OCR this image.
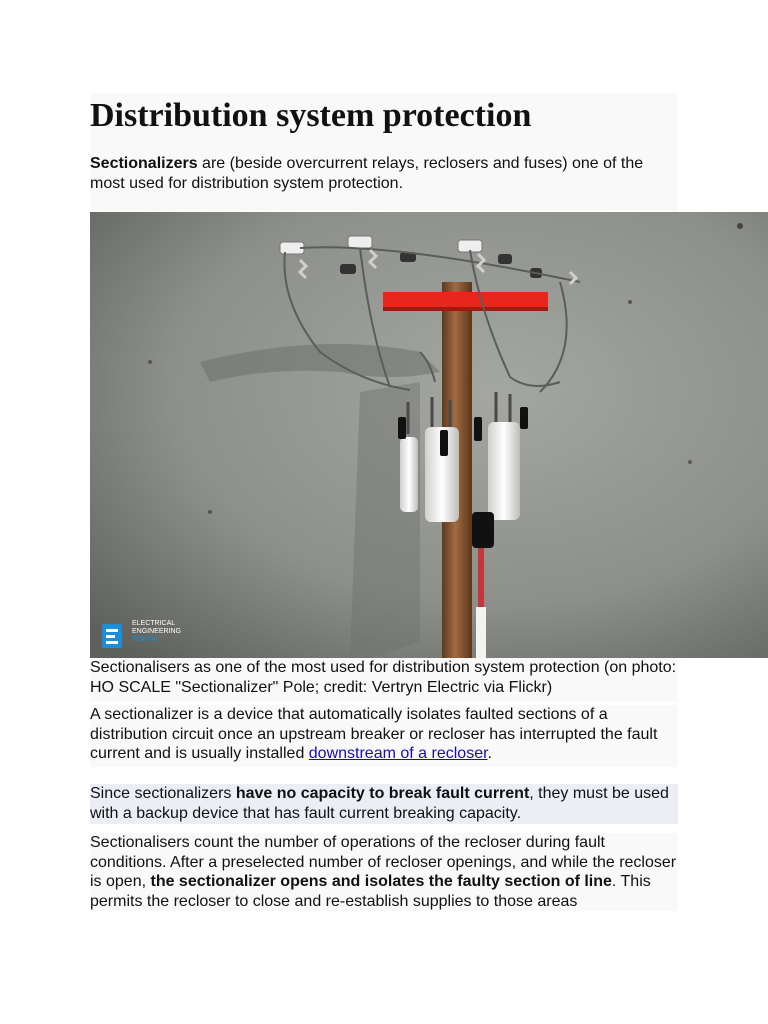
Distribution system protection

Sectionalizers are (beside overcurrent relays, reclosers and fuses) one of the most used for distribution system protection.

ELECTRICAL
ENGINEERING
PORTAL

Sectionalisers as one of the most used for distribution system protection (on photo: HO SCALE "Sectionalizer" Pole; credit: Vertryn Electric via Flickr)

A sectionalizer is a device that automatically isolates faulted sections of a distribution circuit once an upstream breaker or recloser has interrupted the fault current and is usually installed downstream of a recloser.

Since sectionalizers have no capacity to break fault current, they must be used with a backup device that has fault current breaking capacity.

Sectionalisers count the number of operations of the recloser during fault conditions. After a preselected number of recloser openings, and while the recloser is open, the sectionalizer opens and isolates the faulty section of line. This permits the recloser to close and re-establish supplies to those areas
